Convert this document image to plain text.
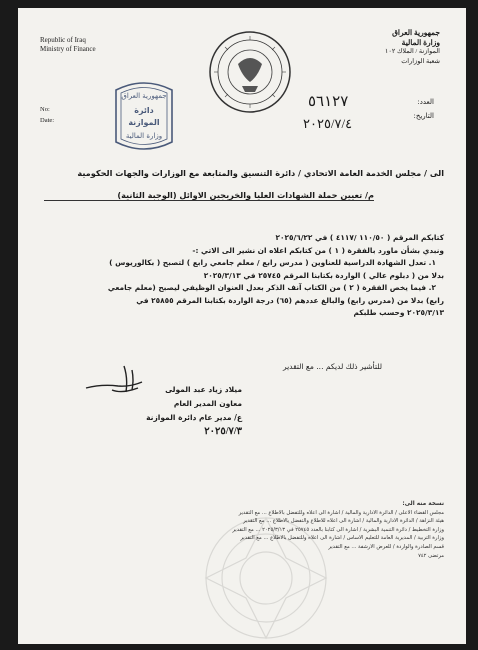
Republic of Iraq
Ministry of Finance
جمهورية العراق
وزارة المالية
الموازنة / الملاك ١٠٢
شعبة الوزارات
جمهورية العراق
وزارة المالية
دائرة
الموازنة
No:
Date:
العدد:
التاريخ:
٥٦١٢٧
٢٠٢٥/٧/٤
الى / مجلس الخدمة العامة الاتحادي / دائرة التنسيق والمتابعة مع الوزارات والجهات الحكومية
م/ تعيين حملة الشهادات العليا والخريجين الاوائل (الوجبة الثانية)

كتابكم المرقم ( ١١٠/٥٠ /٤١١٧ ) في ٢٠٢٥/٦/٢٢

ونبدي بشأن ماورد بالفقرة ( ١ ) من كتابكم اعلاه ان نشير الى الاتي :-

١. تعدل الشهادة الدراسية للعناوين ( مدرس رابع / معلم جامعي رابع ) لتصبح ( بكالوريوس )

بدلا من ( دبلوم عالي ) الواردة بكتابنا المرقم ٢٥٧٤٥ في ٢٠٢٥/٣/١٣

٢. فيما يخص الفقرة ( ٢ ) من الكتاب آنف الذكر بعدل العنوان الوظيفي ليصبح (معلم جامعي

رابع) بدلا من (مدرس رابع) والبالغ عددهم (٦٥) درجة الواردة بكتابنا المرقم ٢٥٨٥٥ في

٢٠٢٥/٣/١٣ وحسب طلبكم

للتأشير ذلك لديكم ... مع التقدير
ميلاد زياد عبد المولى
معاون المدير العام
ع/ مدير عام دائرة الموازنة
٢٠٢٥/٧/٣
نسخة منه الى:
مجلس القضاء الاعلى / الدائرة الادارية والمالية / اشارة الى اعلاه وللتفضل بالاطلاع ... مع التقدير
هيئة النزاهة / الدائرة الادارية والمالية / اشارة الى اعلاه للاطلاع والتفضل بالاطلاع ... مع التقدير
وزارة التخطيط / دائرة التنمية البشرية / اشارة الى كتابنا بالعدد ٢٥٧٤٥ في ٢٠٢٥/٣/١٣ ... مع التقدير
وزارة التربية / المديرية العامة للتعليم الاساس / اشارة الى اعلاه وللتفضل بالاطلاع ... مع التقدير
قسم الصادرة والواردة / للعرض الارشفة ... مع التقدير
مرتضى ٧٤٢
